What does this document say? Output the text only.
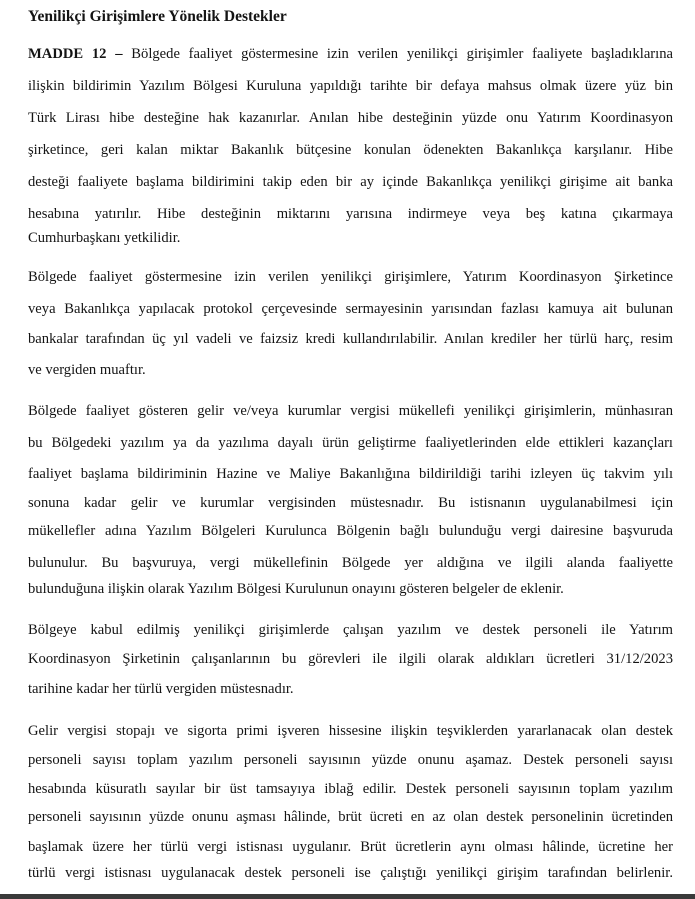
Yenilikçi Girişimlere Yönelik Destekler
MADDE 12 – Bölgede faaliyet göstermesine izin verilen yenilikçi girişimler faaliyete başladıklarına
ilişkin bildirimin Yazılım Bölgesi Kuruluna yapıldığı tarihte bir defaya mahsus olmak üzere yüz bin
Türk Lirası hibe desteğine hak kazanırlar. Anılan hibe desteğinin yüzde onu Yatırım Koordinasyon
şirketince, geri kalan miktar Bakanlık bütçesine konulan ödenekten Bakanlıkça karşılanır. Hibe
desteği faaliyete başlama bildirimini takip eden bir ay içinde Bakanlıkça yenilikçi girişime ait banka
hesabına yatırılır. Hibe desteğinin miktarını yarısına indirmeye veya beş katına çıkarmaya
Cumhurbaşkanı yetkilidir.
Bölgede faaliyet göstermesine izin verilen yenilikçi girişimlere, Yatırım Koordinasyon Şirketince
veya Bakanlıkça yapılacak protokol çerçevesinde sermayesinin yarısından fazlası kamuya ait bulunan
bankalar tarafından üç yıl vadeli ve faizsiz kredi kullandırılabilir. Anılan krediler her türlü harç, resim
ve vergiden muaftır.
Bölgede faaliyet gösteren gelir ve/veya kurumlar vergisi mükellefi yenilikçi girişimlerin, münhasıran
bu Bölgedeki yazılım ya da yazılıma dayalı ürün geliştirme faaliyetlerinden elde ettikleri kazançları
faaliyet başlama bildiriminin Hazine ve Maliye Bakanlığına bildirildiği tarihi izleyen üç takvim yılı
sonuna kadar gelir ve kurumlar vergisinden müstesnadır. Bu istisnanın uygulanabilmesi için
mükellefler adına Yazılım Bölgeleri Kurulunca Bölgenin bağlı bulunduğu vergi dairesine başvuruda
bulunulur. Bu başvuruya, vergi mükellefinin Bölgede yer aldığına ve ilgili alanda faaliyette
bulunduğuna ilişkin olarak Yazılım Bölgesi Kurulunun onayını gösteren belgeler de eklenir.
Bölgeye kabul edilmiş yenilikçi girişimlerde çalışan yazılım ve destek personeli ile Yatırım
Koordinasyon Şirketinin çalışanlarının bu görevleri ile ilgili olarak aldıkları ücretleri 31/12/2023
tarihine kadar her türlü vergiden müstesnadır.
Gelir vergisi stopajı ve sigorta primi işveren hissesine ilişkin teşviklerden yararlanacak olan destek
personeli sayısı toplam yazılım personeli sayısının yüzde onunu aşamaz. Destek personeli sayısı
hesabında küsuratlı sayılar bir üst tamsayıya iblağ edilir. Destek personeli sayısının toplam yazılım
personeli sayısının yüzde onunu aşması hâlinde, brüt ücreti en az olan destek personelinin ücretinden
başlamak üzere her türlü vergi istisnası uygulanır. Brüt ücretlerin aynı olması hâlinde, ücretine her
türlü vergi istisnası uygulanacak destek personeli ise çalıştığı yenilikçi girişim tarafından belirlenir.
